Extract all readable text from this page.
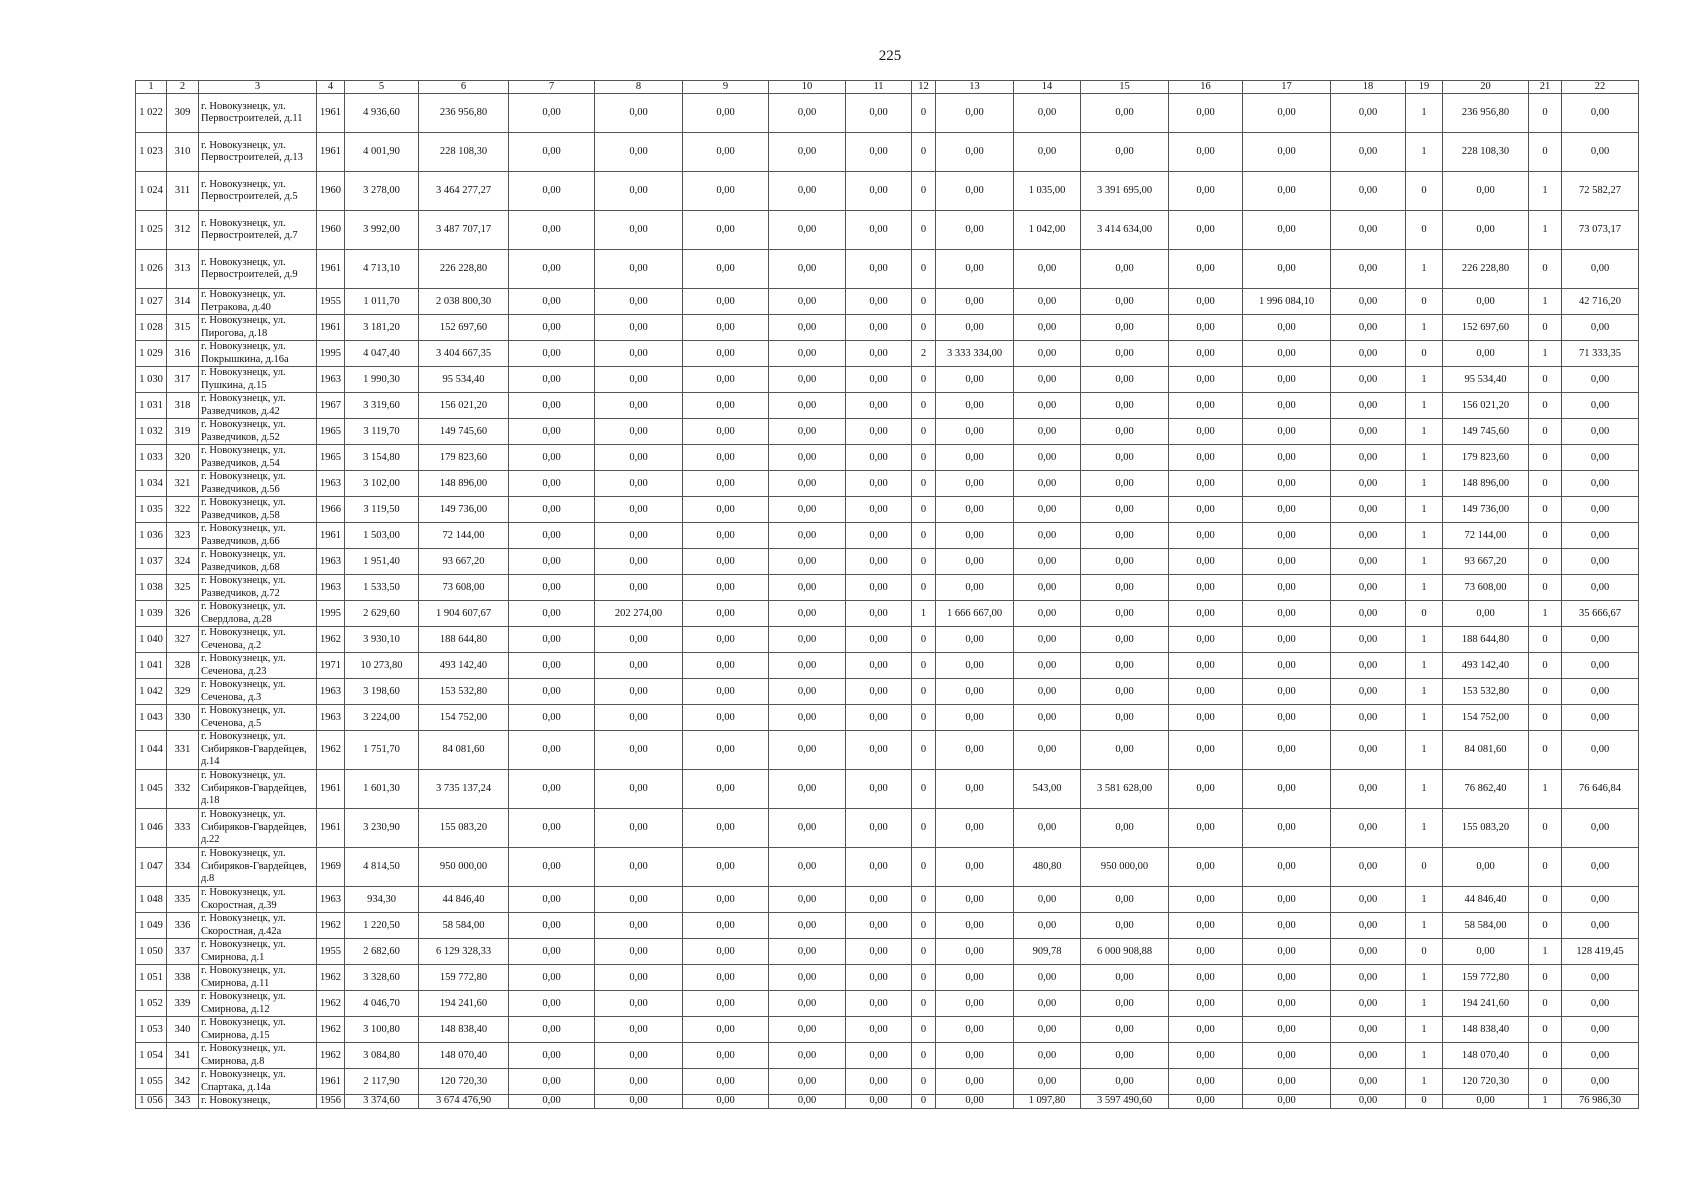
225
1	2	3	4	5	6	7	8	9	10	11	12	13	14	15	16	17	18	19	20	21	22
1 022	309	г. Новокузнецк, ул. Первостроителей, д.11	1961	4 936,60	236 956,80	0,00	0,00	0,00	0,00	0,00	0	0,00	0,00	0,00	0,00	0,00	0,00	1	236 956,80	0	0,00
1 023	310	г. Новокузнецк, ул. Первостроителей, д.13	1961	4 001,90	228 108,30	0,00	0,00	0,00	0,00	0,00	0	0,00	0,00	0,00	0,00	0,00	0,00	1	228 108,30	0	0,00
1 024	311	г. Новокузнецк, ул. Первостроителей, д.5	1960	3 278,00	3 464 277,27	0,00	0,00	0,00	0,00	0,00	0	0,00	1 035,00	3 391 695,00	0,00	0,00	0,00	0	0,00	1	72 582,27
1 025	312	г. Новокузнецк, ул. Первостроителей, д.7	1960	3 992,00	3 487 707,17	0,00	0,00	0,00	0,00	0,00	0	0,00	1 042,00	3 414 634,00	0,00	0,00	0,00	0	0,00	1	73 073,17
1 026	313	г. Новокузнецк, ул. Первостроителей, д.9	1961	4 713,10	226 228,80	0,00	0,00	0,00	0,00	0,00	0	0,00	0,00	0,00	0,00	0,00	0,00	1	226 228,80	0	0,00
1 027	314	г. Новокузнецк, ул. Петракова, д.40	1955	1 011,70	2 038 800,30	0,00	0,00	0,00	0,00	0,00	0	0,00	0,00	0,00	0,00	1 996 084,10	0,00	0	0,00	1	42 716,20
1 028	315	г. Новокузнецк, ул. Пирогова, д.18	1961	3 181,20	152 697,60	0,00	0,00	0,00	0,00	0,00	0	0,00	0,00	0,00	0,00	0,00	0,00	1	152 697,60	0	0,00
1 029	316	г. Новокузнецк, ул. Покрышкина, д.16а	1995	4 047,40	3 404 667,35	0,00	0,00	0,00	0,00	0,00	2	3 333 334,00	0,00	0,00	0,00	0,00	0,00	0	0,00	1	71 333,35
1 030	317	г. Новокузнецк, ул. Пушкина, д.15	1963	1 990,30	95 534,40	0,00	0,00	0,00	0,00	0,00	0	0,00	0,00	0,00	0,00	0,00	0,00	1	95 534,40	0	0,00
1 031	318	г. Новокузнецк, ул. Разведчиков, д.42	1967	3 319,60	156 021,20	0,00	0,00	0,00	0,00	0,00	0	0,00	0,00	0,00	0,00	0,00	0,00	1	156 021,20	0	0,00
1 032	319	г. Новокузнецк, ул. Разведчиков, д.52	1965	3 119,70	149 745,60	0,00	0,00	0,00	0,00	0,00	0	0,00	0,00	0,00	0,00	0,00	0,00	1	149 745,60	0	0,00
1 033	320	г. Новокузнецк, ул. Разведчиков, д.54	1965	3 154,80	179 823,60	0,00	0,00	0,00	0,00	0,00	0	0,00	0,00	0,00	0,00	0,00	0,00	1	179 823,60	0	0,00
1 034	321	г. Новокузнецк, ул. Разведчиков, д.56	1963	3 102,00	148 896,00	0,00	0,00	0,00	0,00	0,00	0	0,00	0,00	0,00	0,00	0,00	0,00	1	148 896,00	0	0,00
1 035	322	г. Новокузнецк, ул. Разведчиков, д.58	1966	3 119,50	149 736,00	0,00	0,00	0,00	0,00	0,00	0	0,00	0,00	0,00	0,00	0,00	0,00	1	149 736,00	0	0,00
1 036	323	г. Новокузнецк, ул. Разведчиков, д.66	1961	1 503,00	72 144,00	0,00	0,00	0,00	0,00	0,00	0	0,00	0,00	0,00	0,00	0,00	0,00	1	72 144,00	0	0,00
1 037	324	г. Новокузнецк, ул. Разведчиков, д.68	1963	1 951,40	93 667,20	0,00	0,00	0,00	0,00	0,00	0	0,00	0,00	0,00	0,00	0,00	0,00	1	93 667,20	0	0,00
1 038	325	г. Новокузнецк, ул. Разведчиков, д.72	1963	1 533,50	73 608,00	0,00	0,00	0,00	0,00	0,00	0	0,00	0,00	0,00	0,00	0,00	0,00	1	73 608,00	0	0,00
1 039	326	г. Новокузнецк, ул. Свердлова, д.28	1995	2 629,60	1 904 607,67	0,00	202 274,00	0,00	0,00	0,00	1	1 666 667,00	0,00	0,00	0,00	0,00	0,00	0	0,00	1	35 666,67
1 040	327	г. Новокузнецк, ул. Сеченова, д.2	1962	3 930,10	188 644,80	0,00	0,00	0,00	0,00	0,00	0	0,00	0,00	0,00	0,00	0,00	0,00	1	188 644,80	0	0,00
1 041	328	г. Новокузнецк, ул. Сеченова, д.23	1971	10 273,80	493 142,40	0,00	0,00	0,00	0,00	0,00	0	0,00	0,00	0,00	0,00	0,00	0,00	1	493 142,40	0	0,00
1 042	329	г. Новокузнецк, ул. Сеченова, д.3	1963	3 198,60	153 532,80	0,00	0,00	0,00	0,00	0,00	0	0,00	0,00	0,00	0,00	0,00	0,00	1	153 532,80	0	0,00
1 043	330	г. Новокузнецк, ул. Сеченова, д.5	1963	3 224,00	154 752,00	0,00	0,00	0,00	0,00	0,00	0	0,00	0,00	0,00	0,00	0,00	0,00	1	154 752,00	0	0,00
1 044	331	г. Новокузнецк, ул. Сибиряков-Гвардейцев, д.14	1962	1 751,70	84 081,60	0,00	0,00	0,00	0,00	0,00	0	0,00	0,00	0,00	0,00	0,00	0,00	1	84 081,60	0	0,00
1 045	332	г. Новокузнецк, ул. Сибиряков-Гвардейцев, д.18	1961	1 601,30	3 735 137,24	0,00	0,00	0,00	0,00	0,00	0	0,00	543,00	3 581 628,00	0,00	0,00	0,00	1	76 862,40	1	76 646,84
1 046	333	г. Новокузнецк, ул. Сибиряков-Гвардейцев, д.22	1961	3 230,90	155 083,20	0,00	0,00	0,00	0,00	0,00	0	0,00	0,00	0,00	0,00	0,00	0,00	1	155 083,20	0	0,00
1 047	334	г. Новокузнецк, ул. Сибиряков-Гвардейцев, д.8	1969	4 814,50	950 000,00	0,00	0,00	0,00	0,00	0,00	0	0,00	480,80	950 000,00	0,00	0,00	0,00	0	0,00	0	0,00
1 048	335	г. Новокузнецк, ул. Скоростная, д.39	1963	934,30	44 846,40	0,00	0,00	0,00	0,00	0,00	0	0,00	0,00	0,00	0,00	0,00	0,00	1	44 846,40	0	0,00
1 049	336	г. Новокузнецк, ул. Скоростная, д.42а	1962	1 220,50	58 584,00	0,00	0,00	0,00	0,00	0,00	0	0,00	0,00	0,00	0,00	0,00	0,00	1	58 584,00	0	0,00
1 050	337	г. Новокузнецк, ул. Смирнова, д.1	1955	2 682,60	6 129 328,33	0,00	0,00	0,00	0,00	0,00	0	0,00	909,78	6 000 908,88	0,00	0,00	0,00	0	0,00	1	128 419,45
1 051	338	г. Новокузнецк, ул. Смирнова, д.11	1962	3 328,60	159 772,80	0,00	0,00	0,00	0,00	0,00	0	0,00	0,00	0,00	0,00	0,00	0,00	1	159 772,80	0	0,00
1 052	339	г. Новокузнецк, ул. Смирнова, д.12	1962	4 046,70	194 241,60	0,00	0,00	0,00	0,00	0,00	0	0,00	0,00	0,00	0,00	0,00	0,00	1	194 241,60	0	0,00
1 053	340	г. Новокузнецк, ул. Смирнова, д.15	1962	3 100,80	148 838,40	0,00	0,00	0,00	0,00	0,00	0	0,00	0,00	0,00	0,00	0,00	0,00	1	148 838,40	0	0,00
1 054	341	г. Новокузнецк, ул. Смирнова, д.8	1962	3 084,80	148 070,40	0,00	0,00	0,00	0,00	0,00	0	0,00	0,00	0,00	0,00	0,00	0,00	1	148 070,40	0	0,00
1 055	342	г. Новокузнецк, ул. Спартака, д.14а	1961	2 117,90	120 720,30	0,00	0,00	0,00	0,00	0,00	0	0,00	0,00	0,00	0,00	0,00	0,00	1	120 720,30	0	0,00
1 056	343	г. Новокузнецк,	1956	3 374,60	3 674 476,90	0,00	0,00	0,00	0,00	0,00	0	0,00	1 097,80	3 597 490,60	0,00	0,00	0,00	0	0,00	1	76 986,30
